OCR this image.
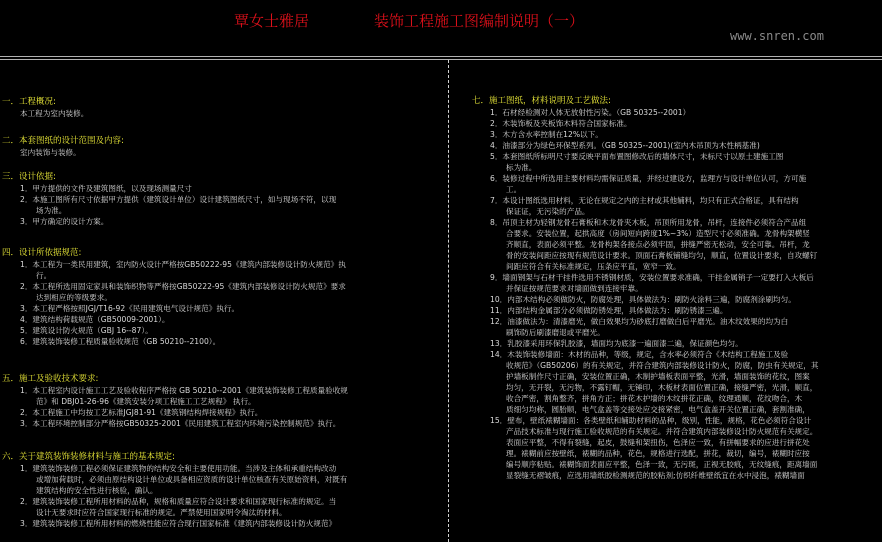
覃女士雅居	装饰工程施工图编制说明（一）
www.snren.com
一．工程概况:
本工程为室内装修。
二．本套图纸的设计范围及内容:
室内装饰与装修。
三．设计依据:
1．甲方提供的文件及建筑图纸，以及现场测量尺寸
2．本施工图所有尺寸依据甲方提供（建筑设计单位）设计建筑图纸尺寸，如与现场不符，以现
场为准。
3．甲方确定的设计方案。
四．设计所依据规范:
1．本工程为一类民用建筑，室内防火设计严格按GB50222-95《建筑内部装修设计防火规范》执
行。
2．本工程所选用固定家具和装饰织物等严格按GB50222-95《建筑内部装修设计防火规范》要求
达到相应的等级要求。
3．本工程严格按照JGJ/T16-92《民用建筑电气设计规范》执行。
4．建筑结构荷载规范（GB50009-2001）。
5．建筑设计防火规范（GBJ 16--87）。
6．建筑装饰装修工程质量验收规范（GB 50210--2100）。
五．施工及验收技术要求:
1．本工程室内设计施工工艺及验收程序严格按 GB 50210--2001《建筑装饰装修工程质量验收规
范》和 DBJ01-26-96《建筑安装分项工程施工工艺规程》 执行。
2．本工程施工中均按工艺标准JGJ81-91《建筑钢结构焊接规程》执行。
3．本工程环境控制部分严格按GB50325-2001《民用建筑工程室内环境污染控制规范》执行。
六．关于建筑装饰装修材料与施工的基本规定:
1．建筑装饰装修工程必须保证建筑物的结构安全和主要使用功能。当涉及主体和承重结构改动
或增加荷载时，必须由原结构设计单位或具备相应资质的设计单位核查有关原始资料，对既有
建筑结构的安全性进行核验，确认。
2．建筑装饰装修工程所用材料的品种，规格和质量应符合设计要求和国家现行标准的规定。当
设计无要求时应符合国家现行标准的规定。严禁使用国家明令淘汰的材料。
3．建筑装饰装修工程所用材料的燃烧性能应符合现行国家标准《建筑内部装修设计防火规范》
七．施工图纸，材料说明及工艺做法:
1．石材经检测对人体无放射性污染。（GB 50325--2001）
2．木装饰板及夹板饰木料符合国家标准。
3．木方含水率控制在12%以下。
4．油漆部分为绿色环保型系列。（GB 50325--2001)(室内木吊顶为木性柄基准)
5．本套图纸所标明尺寸要反映平面布置图修改后的墙体尺寸，未标尺寸以原土建施工图
标为准。
6．装修过程中所选用主要材料均需保证质量，并经过建设方，监理方与设计单位认可，方可施
工。
7．本设计图纸选用材料，无论在规定之内的主材或其他辅料，均只有正式合格证，具有结构
保证证，无污染的产品。
8．吊顶主材为轻钢龙骨石膏板和木龙骨夹木板，吊顶所用龙骨，吊杆，连接件必须符合产品组
合要求。安装位置，起拱高度（房间短向跨度1%~3%）造型尺寸必须准确。龙骨构架横竖
齐顺直，表面必须平整。龙骨构架各接点必须牢固，拼缝严密无松动，安全可靠。吊杆，龙
骨的安装间距应按现有规范设计要求。顶面石膏板铺缝均匀，顺直，位置设计要求，自攻螺钉
间距应符合有关标准规定，压条应平直，宽窄一致。
9．墙面钢架与石材干挂件选用不锈钢材质，安装位置要求准确，干挂金属销子一定要打入大板后
并保证按规范要求对墙面做到连接牢靠。
10．内部木结构必须做防火，防腐处理，具体做法为：刷防火涂料三遍，防腐剂涂刷均匀。
11．内部结构金属部分必须做防锈处理，具体做法为：刷防锈漆三遍。
12．油漆做法为：清漆磨光，做白效果均为砂底打磨做白后平磨光。油木纹效果的均为白
刷饰防后刷漆磨退或平磨光。
13．乳胶漆采用环保乳胶漆，墙面均为底漆一遍面漆二遍，保证颜色均匀。
14．木装饰装修墙面：木材的品种，等级，规定，含水率必须符合《木结构工程施工及验
收规范》（GB50206）的有关规定，并符合建筑内部装修设计防火，防腐，防虫有关规定，其
护墙板制作尺寸正确，安装位置正确，木制护墙板表面平整，光滑，墙面装饰的花纹，图案
均匀，无开裂，无污物，不露钉帽，无锤印，木板材表面位置正确，接缝严密，光滑，顺直，
收合严密，割角整齐，拼角方正；拼花木护墙的木纹拼花正确，纹理通顺，花纹吻合，木
质细匀均称，圆胎顺，电气盒盖等交接处应交接紧密，电气盒盖开关位置正确，套割准确，
15．壁布，壁纸裱糊墙面：各类壁纸和辅助材料的品种，级别，性能，规格，花色必须符合设计
产品技术标准与现行施工验收规范的有关规定。并符合建筑内部装修设计防火规范有关规定。
表面应平整，不得有裂缝，起皮，鼓缝和架扭伤，色泽应一致，有拼幅要求的应进行拼花处
理。裱糊前应按壁纸，裱糊的品种，花色，规格进行选配，拼花，裁切，编号，裱糊时应按
编号顺序粘贴。裱糊饰面表面应平整，色泽一致，无污斑，正视无胶痕，无纹缝痕，距离墙面
显裂缝无褶皱痕，应选用墙纸胶检测规范的胶粘剂;仿织纤维壁纸宜在水中浸泡，裱糊墙面
